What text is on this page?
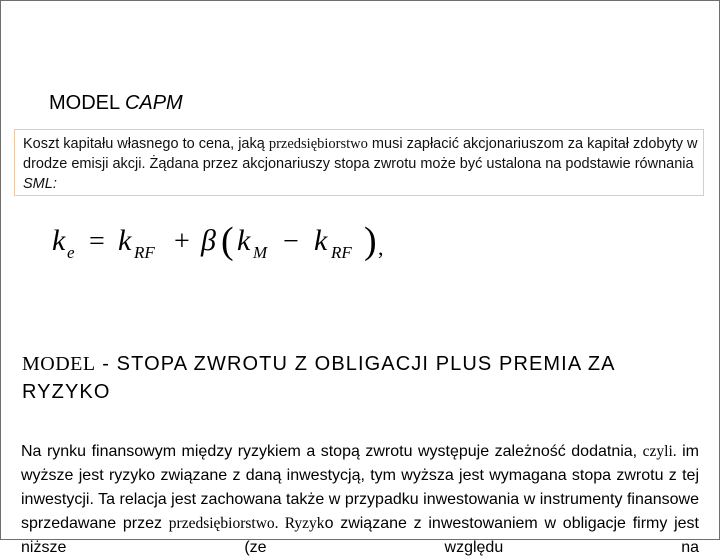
MODEL CAPM
Koszt kapitału własnego to cena, jaką przedsiębiorstwo musi zapłacić akcjonariuszom za kapitał zdobyty w drodze emisji akcji. Żądana przez akcjonariuszy stopa zwrotu może być ustalona na podstawie równania SML:
k e = k RF + β ( k M − k RF ) ,
MODEL - STOPA ZWROTU Z OBLIGACJI PLUS PREMIA ZA RYZYKO
Na rynku finansowym między ryzykiem a stopą zwrotu występuje zależność dodatnia, czyli. im wyższe jest ryzyko związane z daną inwestycją, tym wyższa jest wymagana stopa zwrotu z tej inwestycji. Ta relacja jest zachowana także w przypadku inwestowania w instrumenty finansowe sprzedawane przez przedsiębiorstwo. Ryzyko związane z inwestowaniem w obligacje firmy jest niższe (ze względu na
